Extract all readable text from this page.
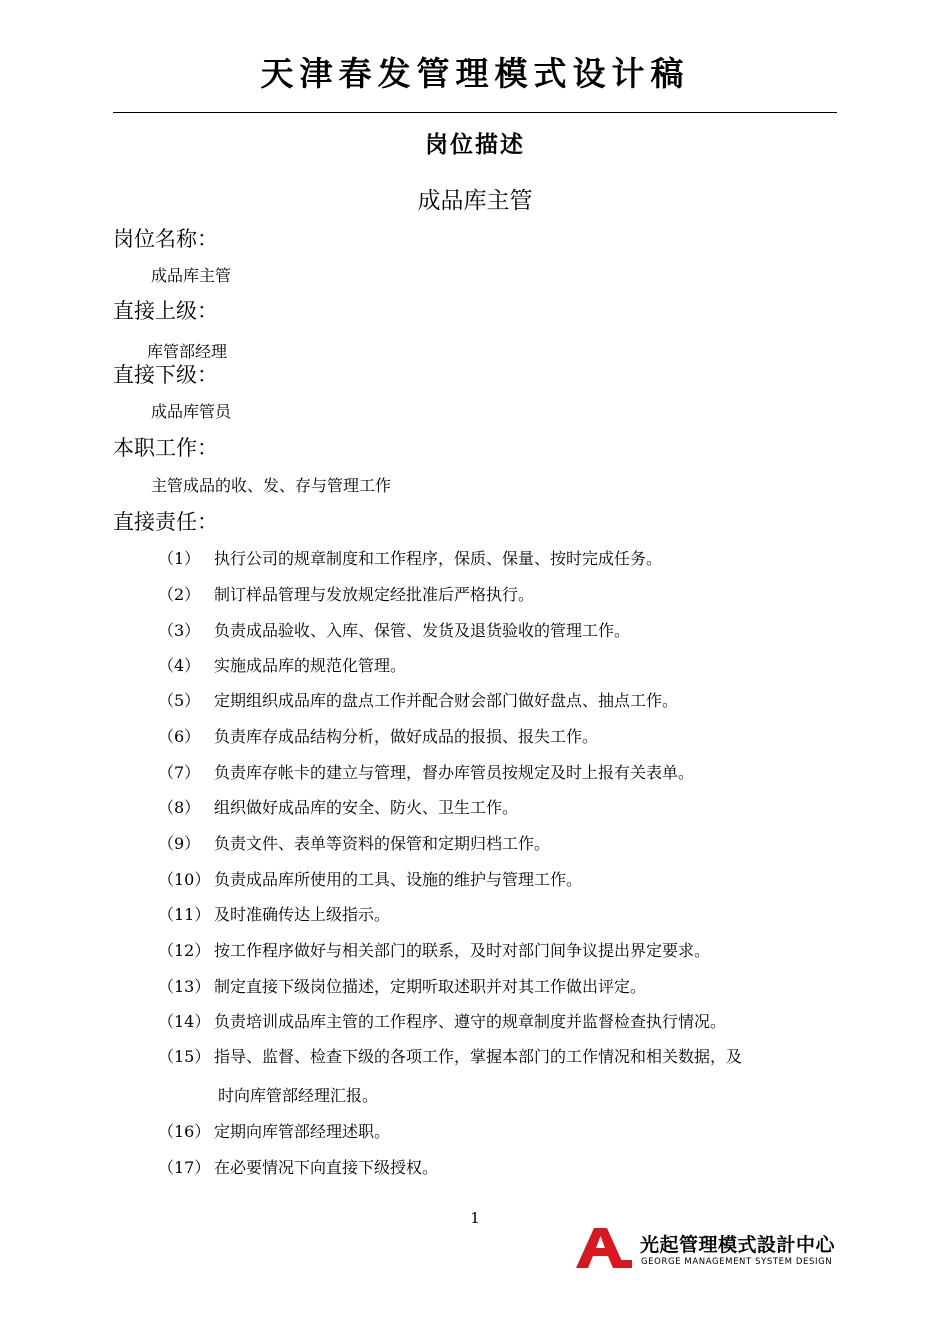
天津春发管理模式设计稿
岗位描述
成品库主管
岗位名称：
成品库主管
直接上级：
库管部经理
直接下级：
成品库管员
本职工作：
主管成品的收、发、存与管理工作
直接责任：
（1） 执行公司的规章制度和工作程序，保质、保量、按时完成任务。
（2） 制订样品管理与发放规定经批准后严格执行。
（3） 负责成品验收、入库、保管、发货及退货验收的管理工作。
（4） 实施成品库的规范化管理。
（5） 定期组织成品库的盘点工作并配合财会部门做好盘点、抽点工作。
（6） 负责库存成品结构分析，做好成品的报损、报失工作。
（7） 负责库存帐卡的建立与管理，督办库管员按规定及时上报有关表单。
（8） 组织做好成品库的安全、防火、卫生工作。
（9） 负责文件、表单等资料的保管和定期归档工作。
（10） 负责成品库所使用的工具、设施的维护与管理工作。
（11） 及时准确传达上级指示。
（12） 按工作程序做好与相关部门的联系，及时对部门间争议提出界定要求。
（13） 制定直接下级岗位描述，定期听取述职并对其工作做出评定。
（14） 负责培训成品库主管的工作程序、遵守的规章制度并监督检查执行情况。
（15） 指导、监督、检查下级的各项工作，掌握本部门的工作情况和相关数据，及
时向库管部经理汇报。
（16） 定期向库管部经理述职。
（17） 在必要情况下向直接下级授权。
1
光起管理模式設計中心
GEORGE MANAGEMENT SYSTEM DESIGN
